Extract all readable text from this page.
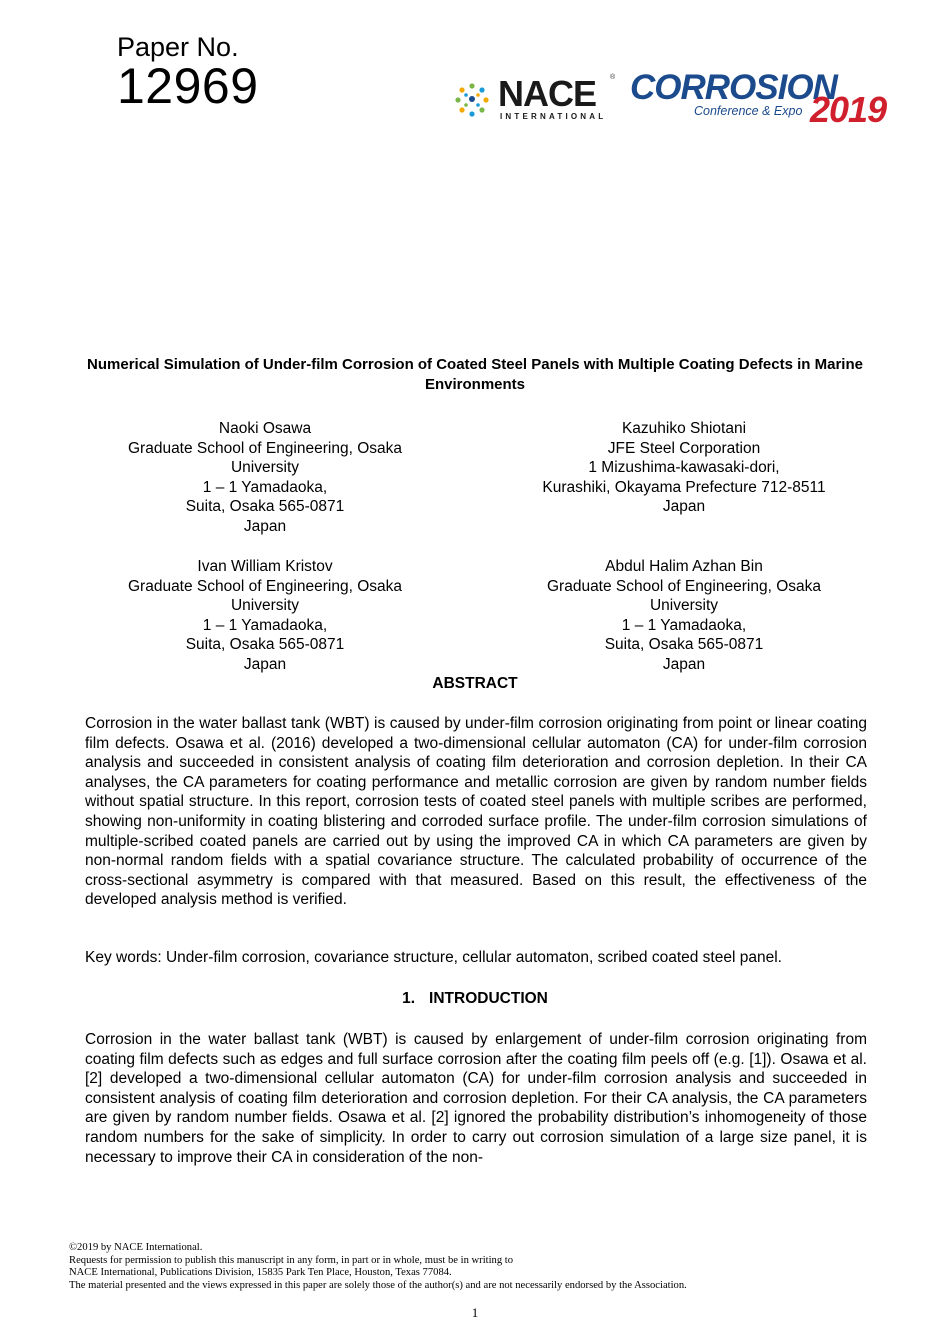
Paper No.
12969	NACE ®
INTERNATIONAL
CORROSION
Conference & Expo 2019
Numerical Simulation of Under-film Corrosion of Coated Steel Panels with Multiple Coating Defects in Marine Environments
Naoki Osawa
Graduate School of Engineering, Osaka
University
1 – 1 Yamadaoka,
Suita, Osaka 565-0871
Japan
Kazuhiko Shiotani
JFE Steel Corporation
1 Mizushima-kawasaki-dori,
Kurashiki, Okayama Prefecture 712-8511
Japan
Ivan William Kristov
Graduate School of Engineering, Osaka
University
1 – 1 Yamadaoka,
Suita, Osaka 565-0871
Japan
Abdul Halim Azhan Bin
Graduate School of Engineering, Osaka
University
1 – 1 Yamadaoka,
Suita, Osaka 565-0871
Japan
ABSTRACT
Corrosion in the water ballast tank (WBT) is caused by under-film corrosion originating from point or linear coating film defects. Osawa et al. (2016) developed a two-dimensional cellular automaton (CA) for under-film corrosion analysis and succeeded in consistent analysis of coating film deterioration and corrosion depletion. In their CA analyses, the CA parameters for coating performance and metallic corrosion are given by random number fields without spatial structure. In this report, corrosion tests of coated steel panels with multiple scribes are performed, showing non-uniformity in coating blistering and corroded surface profile. The under-film corrosion simulations of multiple-scribed coated panels are carried out by using the improved CA in which CA parameters are given by non-normal random fields with a spatial covariance structure. The calculated probability of occurrence of the cross-sectional asymmetry is compared with that measured. Based on this result, the effectiveness of the developed analysis method is verified.
Key words: Under-film corrosion, covariance structure, cellular automaton, scribed coated steel panel.
1. INTRODUCTION
Corrosion in the water ballast tank (WBT) is caused by enlargement of under-film corrosion originating from coating film defects such as edges and full surface corrosion after the coating film peels off (e.g. [1]). Osawa et al. [2] developed a two-dimensional cellular automaton (CA) for under-film corrosion analysis and succeeded in consistent analysis of coating film deterioration and corrosion depletion. For their CA analysis, the CA parameters are given by random number fields. Osawa et al. [2] ignored the probability distribution’s inhomogeneity of those random numbers for the sake of simplicity. In order to carry out corrosion simulation of a large size panel, it is necessary to improve their CA in consideration of the non-
©2019 by NACE International.
Requests for permission to publish this manuscript in any form, in part or in whole, must be in writing to
NACE International, Publications Division, 15835 Park Ten Place, Houston, Texas 77084.
The material presented and the views expressed in this paper are solely those of the author(s) and are not necessarily endorsed by the Association.
1
